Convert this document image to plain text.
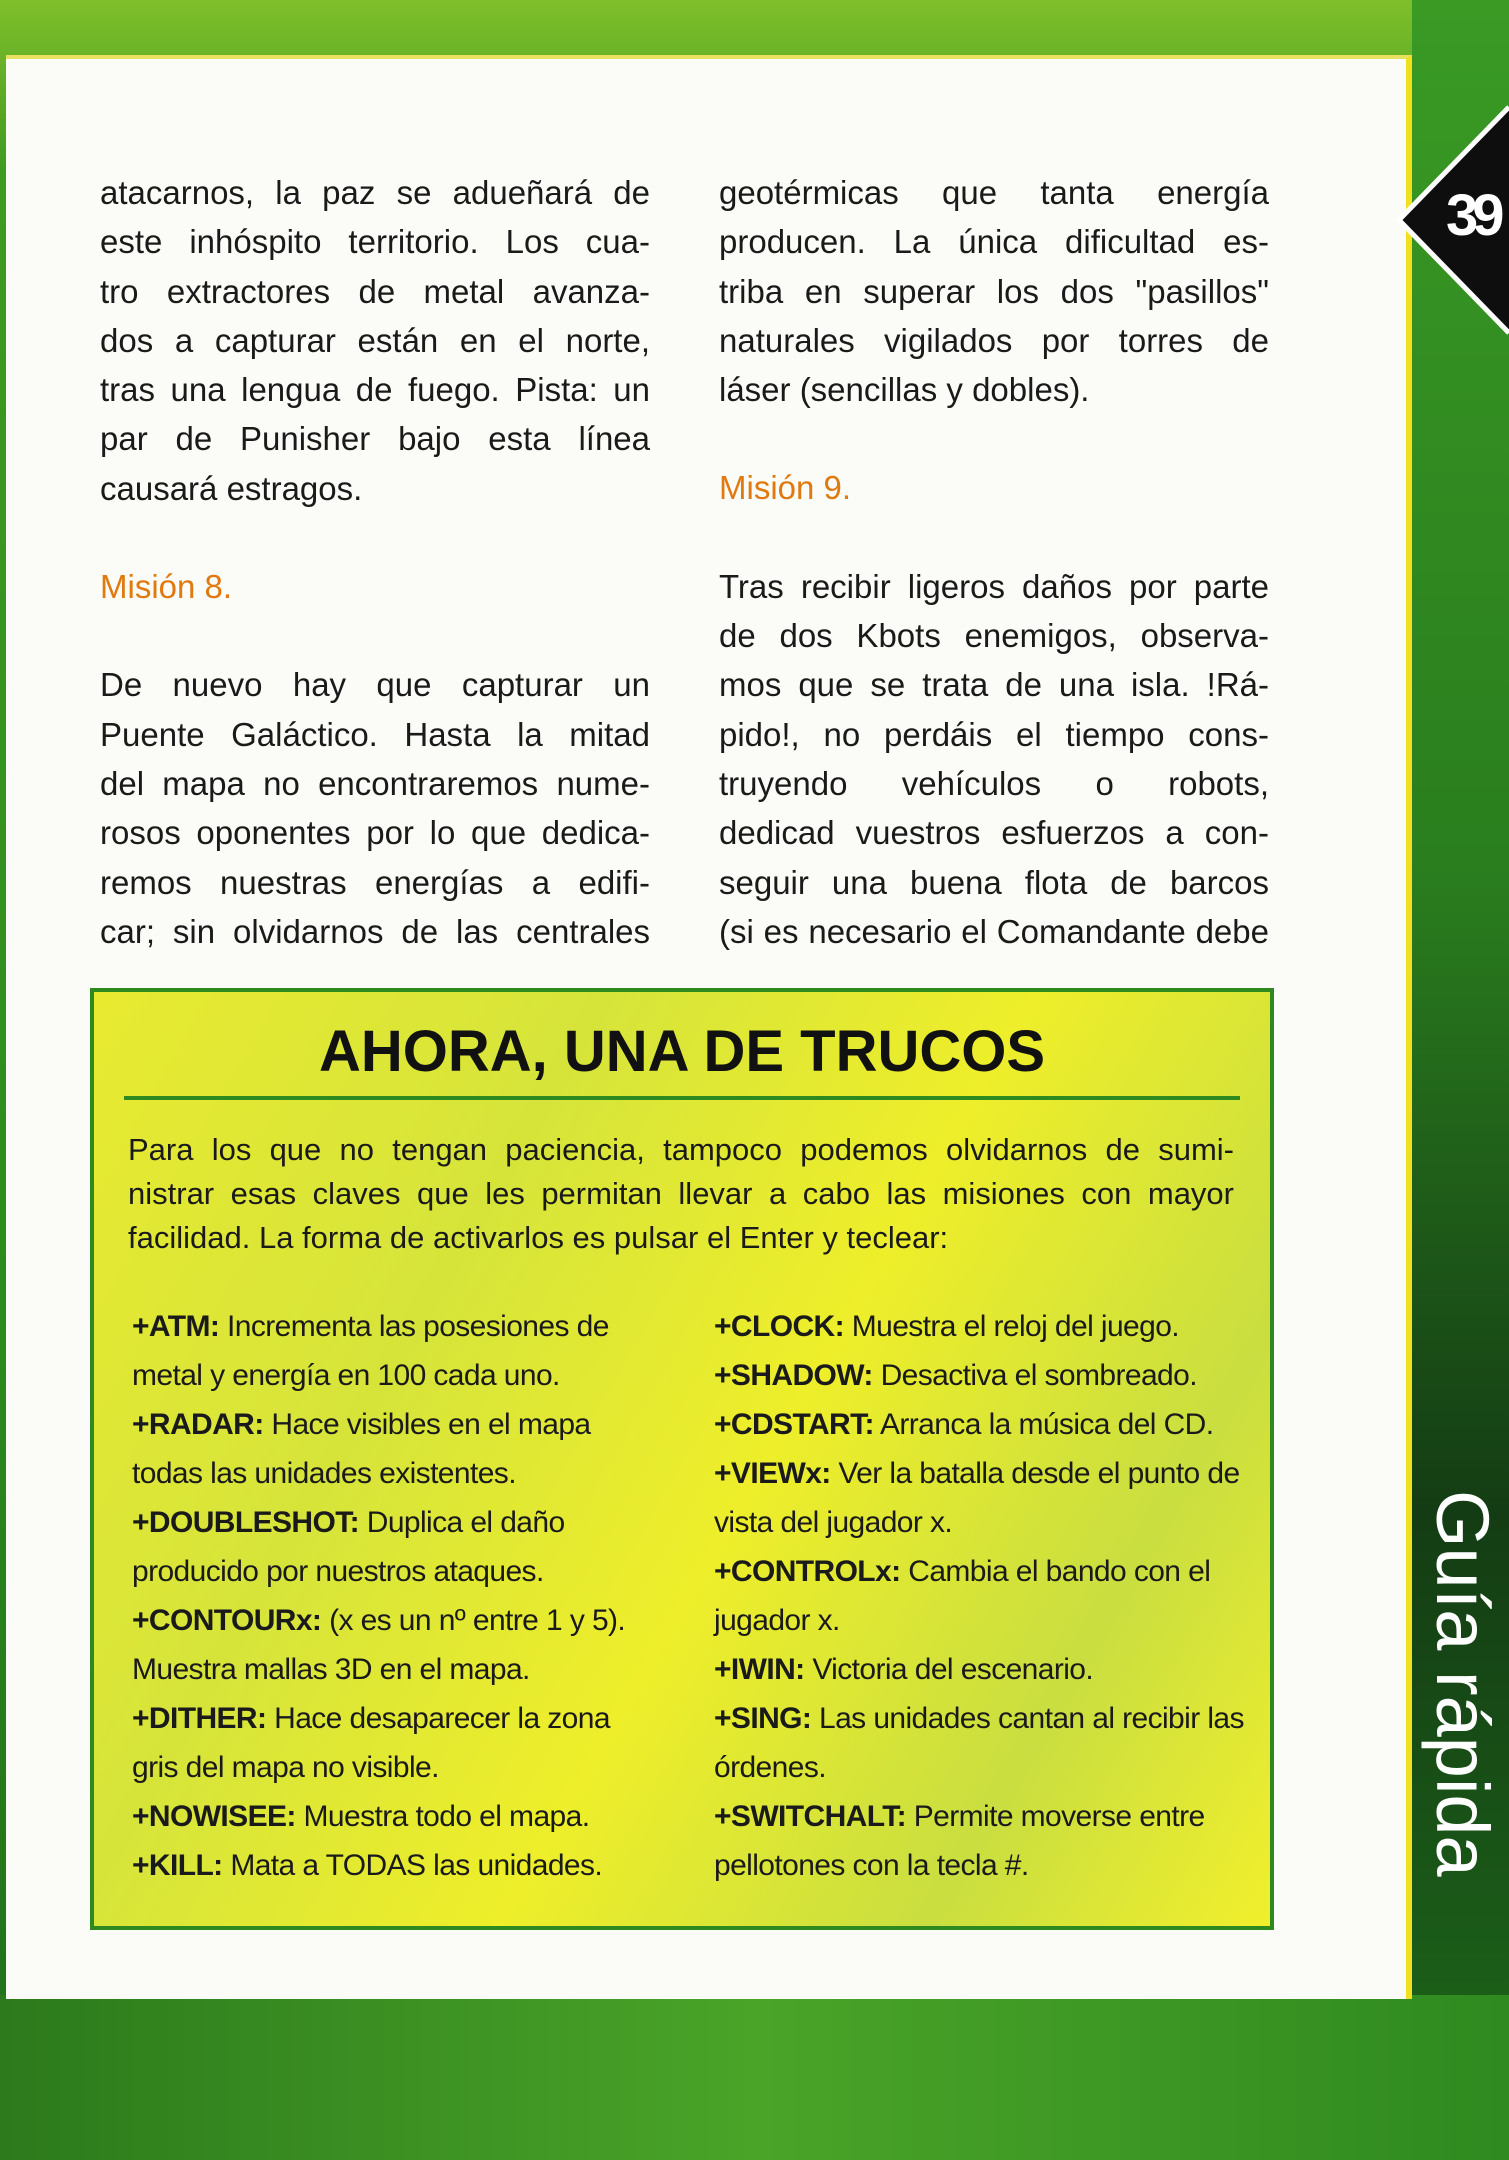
39
Guía rápida
atacarnos, la paz se adueñará de
este inhóspito territorio. Los cua-
tro extractores de metal avanza-
dos a capturar están en el norte,
tras una lengua de fuego. Pista: un
par de Punisher bajo esta línea
causará estragos.
Misión 8.
De nuevo hay que capturar un
Puente Galáctico. Hasta la mitad
del mapa no encontraremos nume-
rosos oponentes por lo que dedica-
remos nuestras energías a edifi-
car; sin olvidarnos de las centrales
geotérmicas que tanta energía
producen. La única dificultad es-
triba en superar los dos "pasillos"
naturales vigilados por torres de
láser (sencillas y dobles).
Misión 9.
Tras recibir ligeros daños por parte
de dos Kbots enemigos, observa-
mos que se trata de una isla. !Rá-
pido!, no perdáis el tiempo cons-
truyendo vehículos o robots,
dedicad vuestros esfuerzos a con-
seguir una buena flota de barcos
(si es necesario el Comandante debe
AHORA, UNA DE TRUCOS
Para los que no tengan paciencia, tampoco podemos olvidarnos de sumi-
nistrar esas claves que les permitan llevar a cabo las misiones con mayor
facilidad. La forma de activarlos es pulsar el Enter y teclear:
+ATM: Incrementa las posesiones de metal y energía en 100 cada uno.
+RADAR: Hace visibles en el mapa todas las unidades existentes.
+DOUBLESHOT: Duplica el daño producido por nuestros ataques.
+CONTOURx: (x es un nº entre 1 y 5). Muestra mallas 3D en el mapa.
+DITHER: Hace desaparecer la zona gris del mapa no visible.
+NOWISEE: Muestra todo el mapa.
+KILL: Mata a TODAS las unidades.
+CLOCK: Muestra el reloj del juego.
+SHADOW: Desactiva el sombreado.
+CDSTART: Arranca la música del CD.
+VIEWx: Ver la batalla desde el punto de vista del jugador x.
+CONTROLx: Cambia el bando con el jugador x.
+IWIN: Victoria del escenario.
+SING: Las unidades cantan al recibir las órdenes.
+SWITCHALT: Permite moverse entre pellotones con la tecla #.
